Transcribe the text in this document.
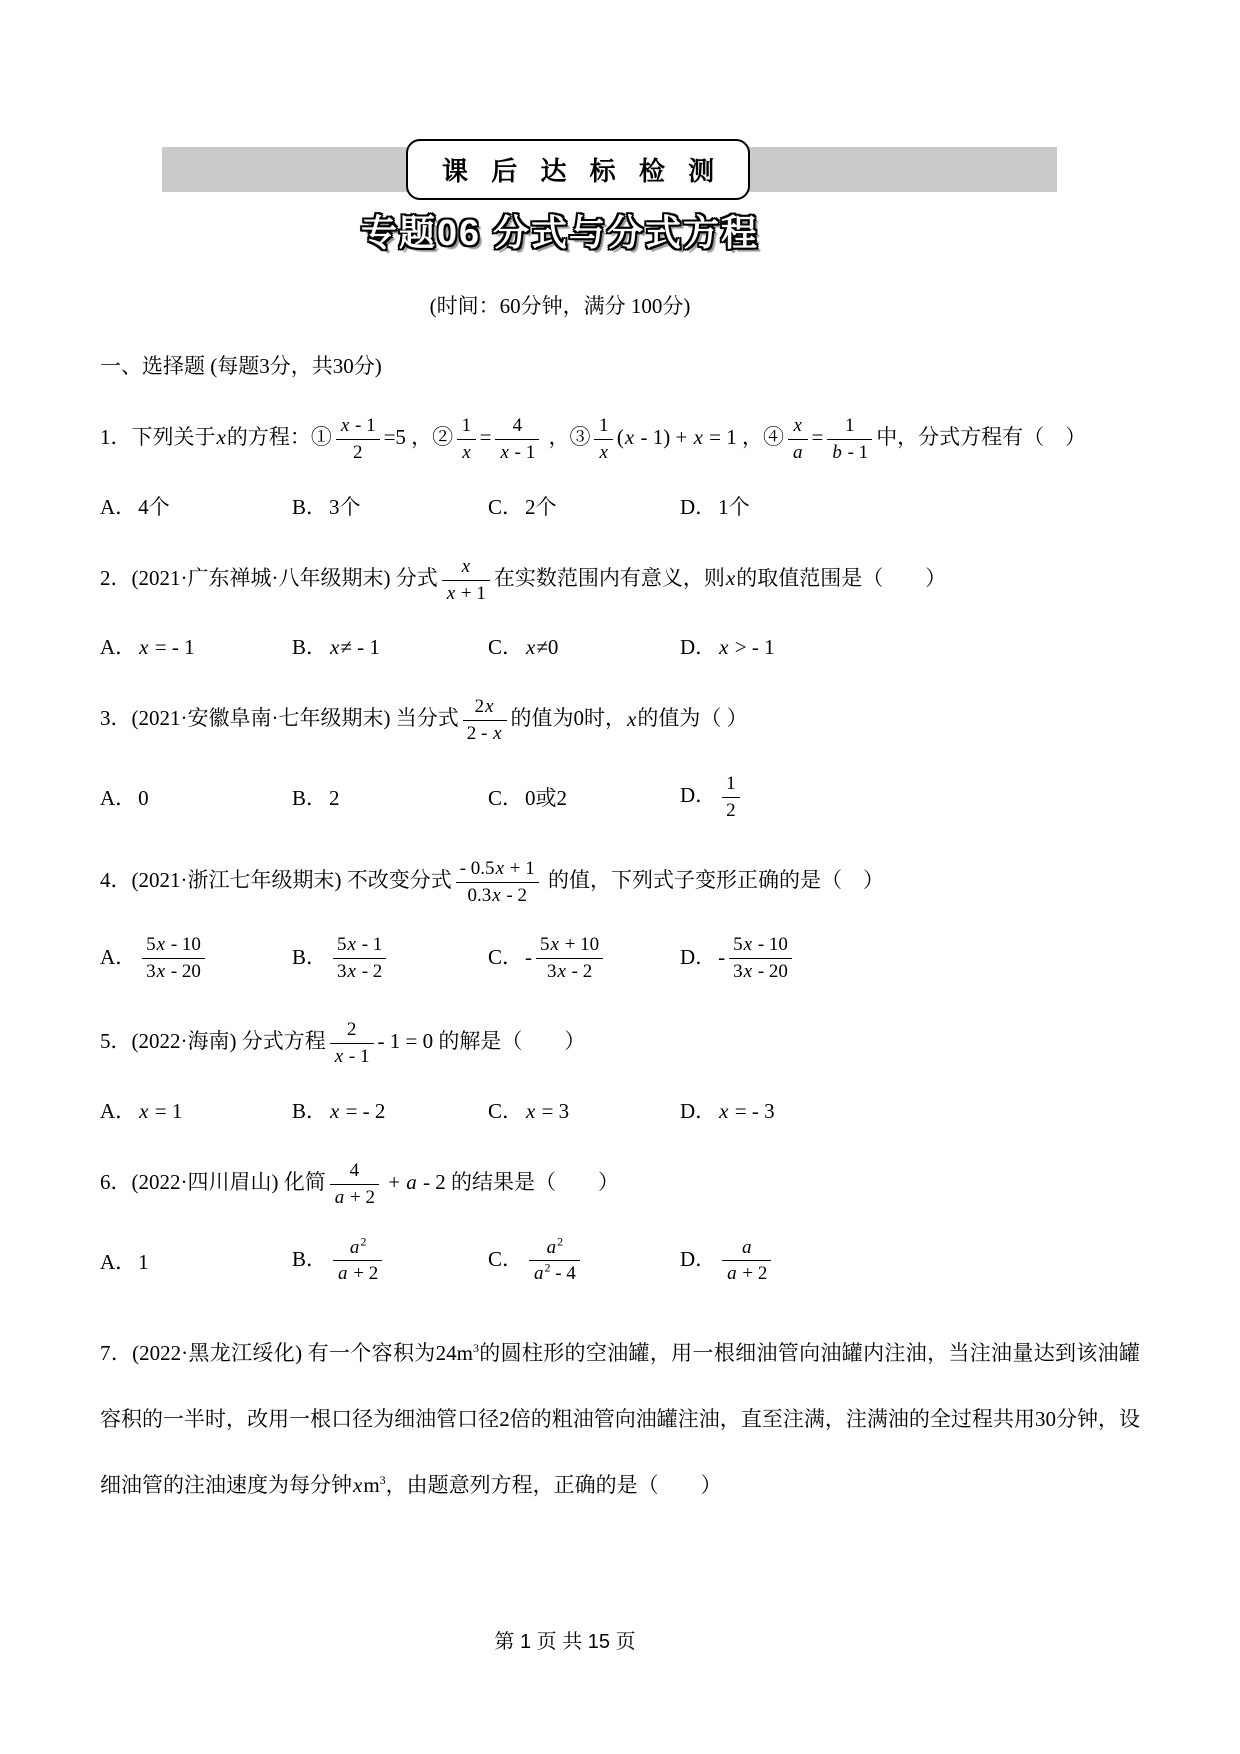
课 后 达 标 检 测
专题06 分式与分式方程
(时间：60分钟，满分 100分)
一、选择题 (每题3分，共30分)
1．下列关于x的方程：① $\frac{x - 1}{2} =5$ ，② $\frac{1}{x} = \frac{4}{x - 1}$ ，③ $\frac{1}{x} (x - 1) + x = 1$ ，④ $\frac{x}{a} = \frac{1}{b - 1}$ 中，分式方程有（　）
A．4个	B．3个	C．2个	D．1个
2．(2021·广东禅城·八年级期末) 分式 $\frac{x}{x + 1}$ 在实数范围内有意义，则x的取值范围是（　　）
A． x = - 1	B． x≠ - 1	C． x≠0	D． x > - 1
3．(2021·安徽阜南·七年级期末) 当分式 $\frac{2x}{2 - x}$ 的值为0时，x的值为（ ）
A．0	B．2	C．0或2	D． $\frac{1}{2}$
4．(2021·浙江七年级期末) 不改变分式 $\frac{- 0.5x + 1}{0.3x - 2}$ 的值，下列式子变形正确的是（　）
A． $\frac{5x - 10}{3x - 20}$	B． $\frac{5x - 1}{3x - 2}$	C．- $\frac{5x + 10}{3x - 2}$	D．- $\frac{5x - 10}{3x - 20}$
5．(2022·海南) 分式方程 $\frac{2}{x - 1} - 1 = 0$ 的解是（　　）
A． x = 1	B． x = - 2	C． x = 3	D． x = - 3
6．(2022·四川眉山) 化简 $\frac{4}{a + 2} + a - 2$ 的结果是（　　）
A．1	B． $\frac{a^2}{a + 2}$	C． $\frac{a^2}{a^2 - 4}$	D． $\frac{a}{a + 2}$
7．(2022·黑龙江绥化) 有一个容积为$24m^3$的圆柱形的空油罐，用一根细油管向油罐内注油，当注油量达到该油罐容积的一半时，改用一根口径为细油管口径2倍的粗油管向油罐注油，直至注满，注满油的全过程共用30分钟，设细油管的注油速度为每分钟$xm^3$，由题意列方程，正确的是（　　）
第 1 页 共 15 页
